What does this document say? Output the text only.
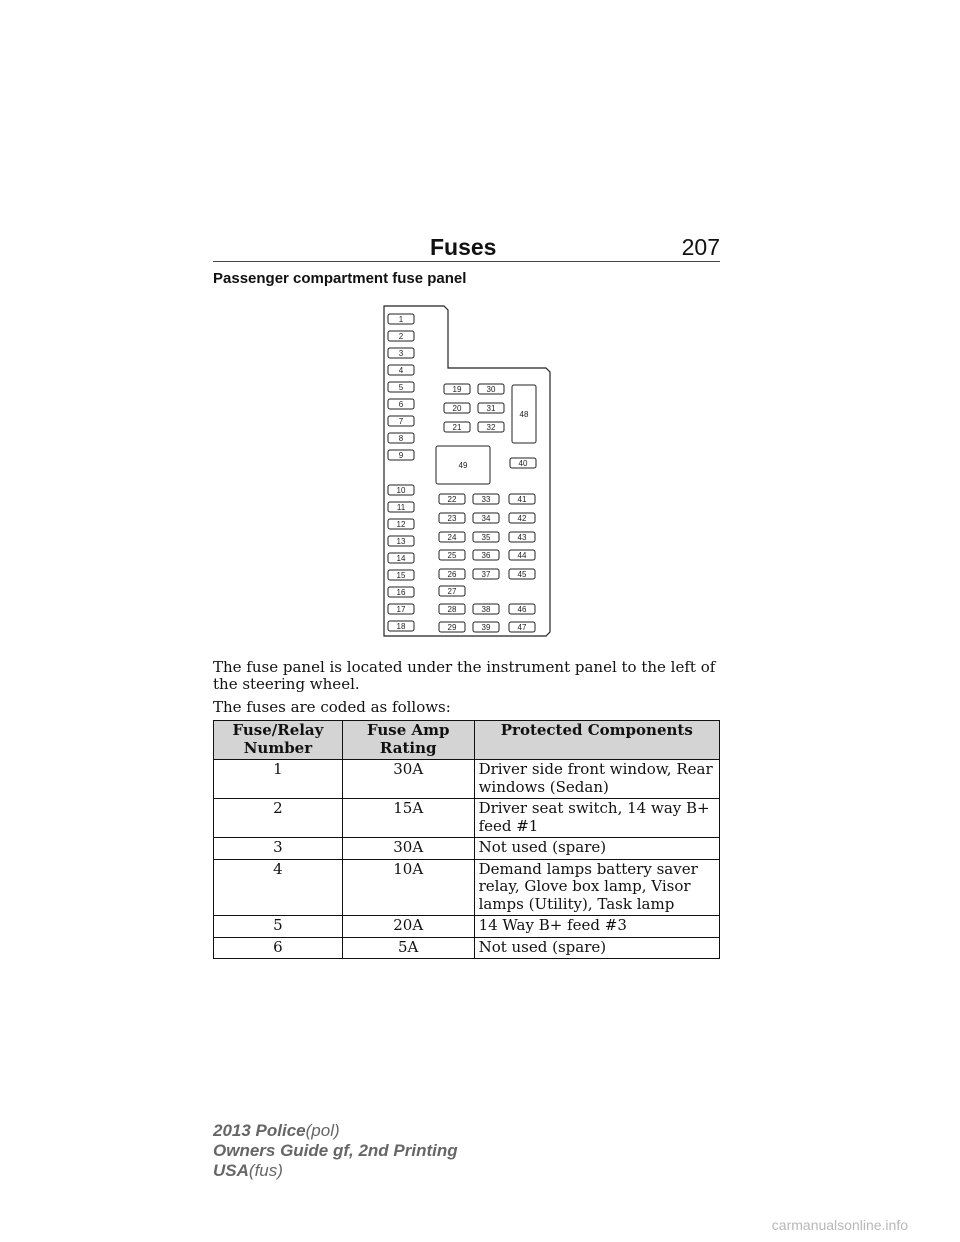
Fuses	207
Passenger compartment fuse panel
1
2
3
4
5
6
7
8
9
10
11
12
13
14
15
16
17
18
19	30
20	31
21	32
48
49	40
22	33	41
23	34	42
24	35	43
25	36	44
26	37	45
27
28	38	46
29	39	47
The fuse panel is located under the instrument panel to the left of the steering wheel.
The fuses are coded as follows:
Fuse/Relay Number	Fuse Amp Rating	Protected Components
1	30A	Driver side front window, Rear windows (Sedan)
2	15A	Driver seat switch, 14 way B+ feed #1
3	30A	Not used (spare)
4	10A	Demand lamps battery saver relay, Glove box lamp, Visor lamps (Utility), Task lamp
5	20A	14 Way B+ feed #3
6	5A	Not used (spare)
2013 Police(pol)
Owners Guide gf, 2nd Printing
USA(fus)
carmanualsonline.info
